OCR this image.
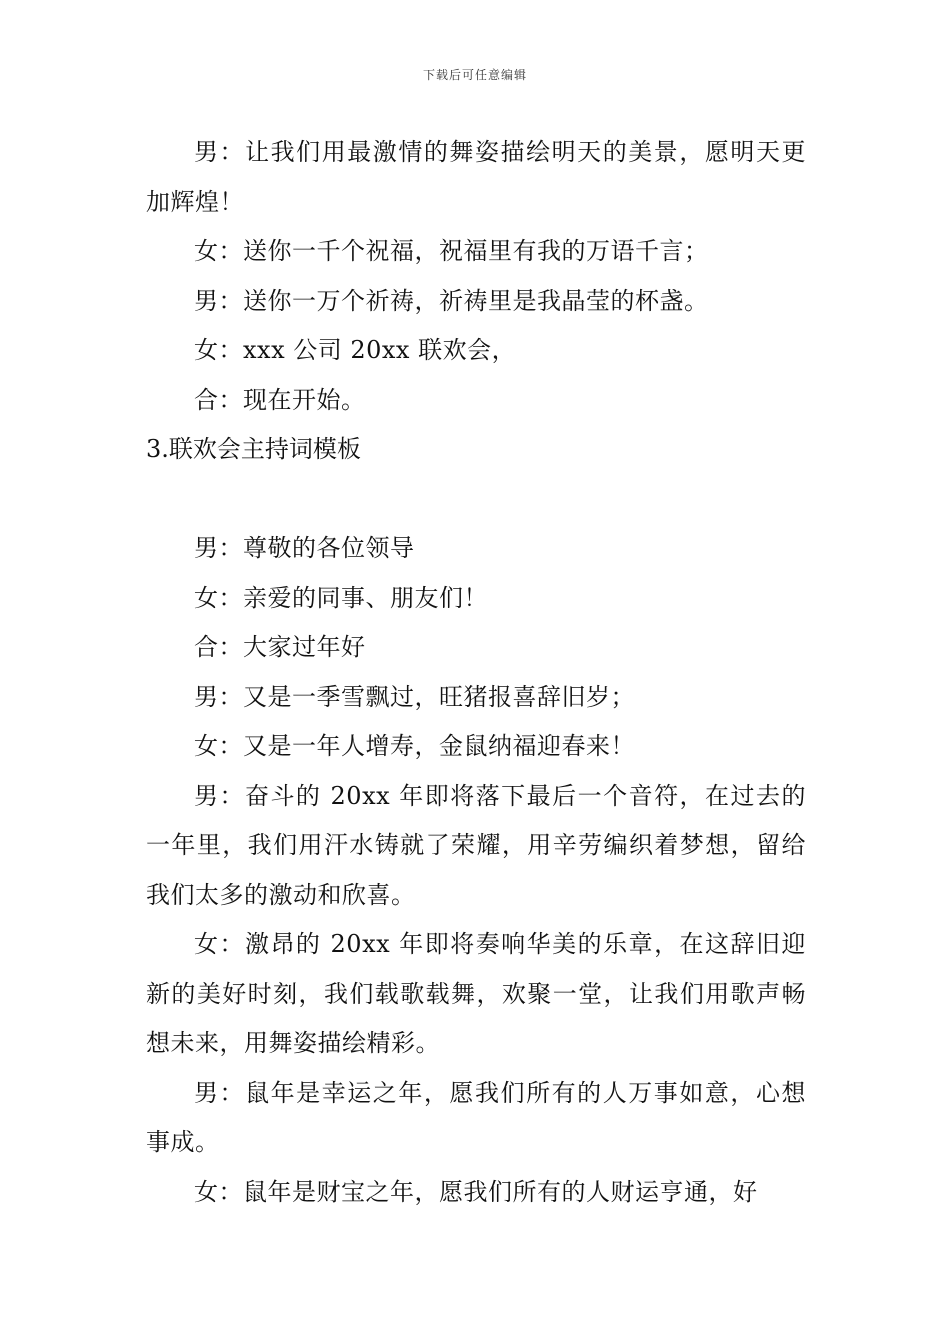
下载后可任意编辑

男：让我们用最激情的舞姿描绘明天的美景，愿明天更加辉煌！

女：送你一千个祝福，祝福里有我的万语千言；

男：送你一万个祈祷，祈祷里是我晶莹的杯盏。

女：xxx 公司 20xx 联欢会，

合：现在开始。

3.联欢会主持词模板

男：尊敬的各位领导

女：亲爱的同事、朋友们！

合：大家过年好

男：又是一季雪飘过，旺猪报喜辞旧岁；

女：又是一年人增寿，金鼠纳福迎春来！

男：奋斗的 20xx 年即将落下最后一个音符，在过去的一年里，我们用汗水铸就了荣耀，用辛劳编织着梦想，留给我们太多的激动和欣喜。

女：激昂的 20xx 年即将奏响华美的乐章，在这辞旧迎新的美好时刻，我们载歌载舞，欢聚一堂，让我们用歌声畅想未来，用舞姿描绘精彩。

男：鼠年是幸运之年，愿我们所有的人万事如意，心想事成。

女：鼠年是财宝之年，愿我们所有的人财运亨通，好
